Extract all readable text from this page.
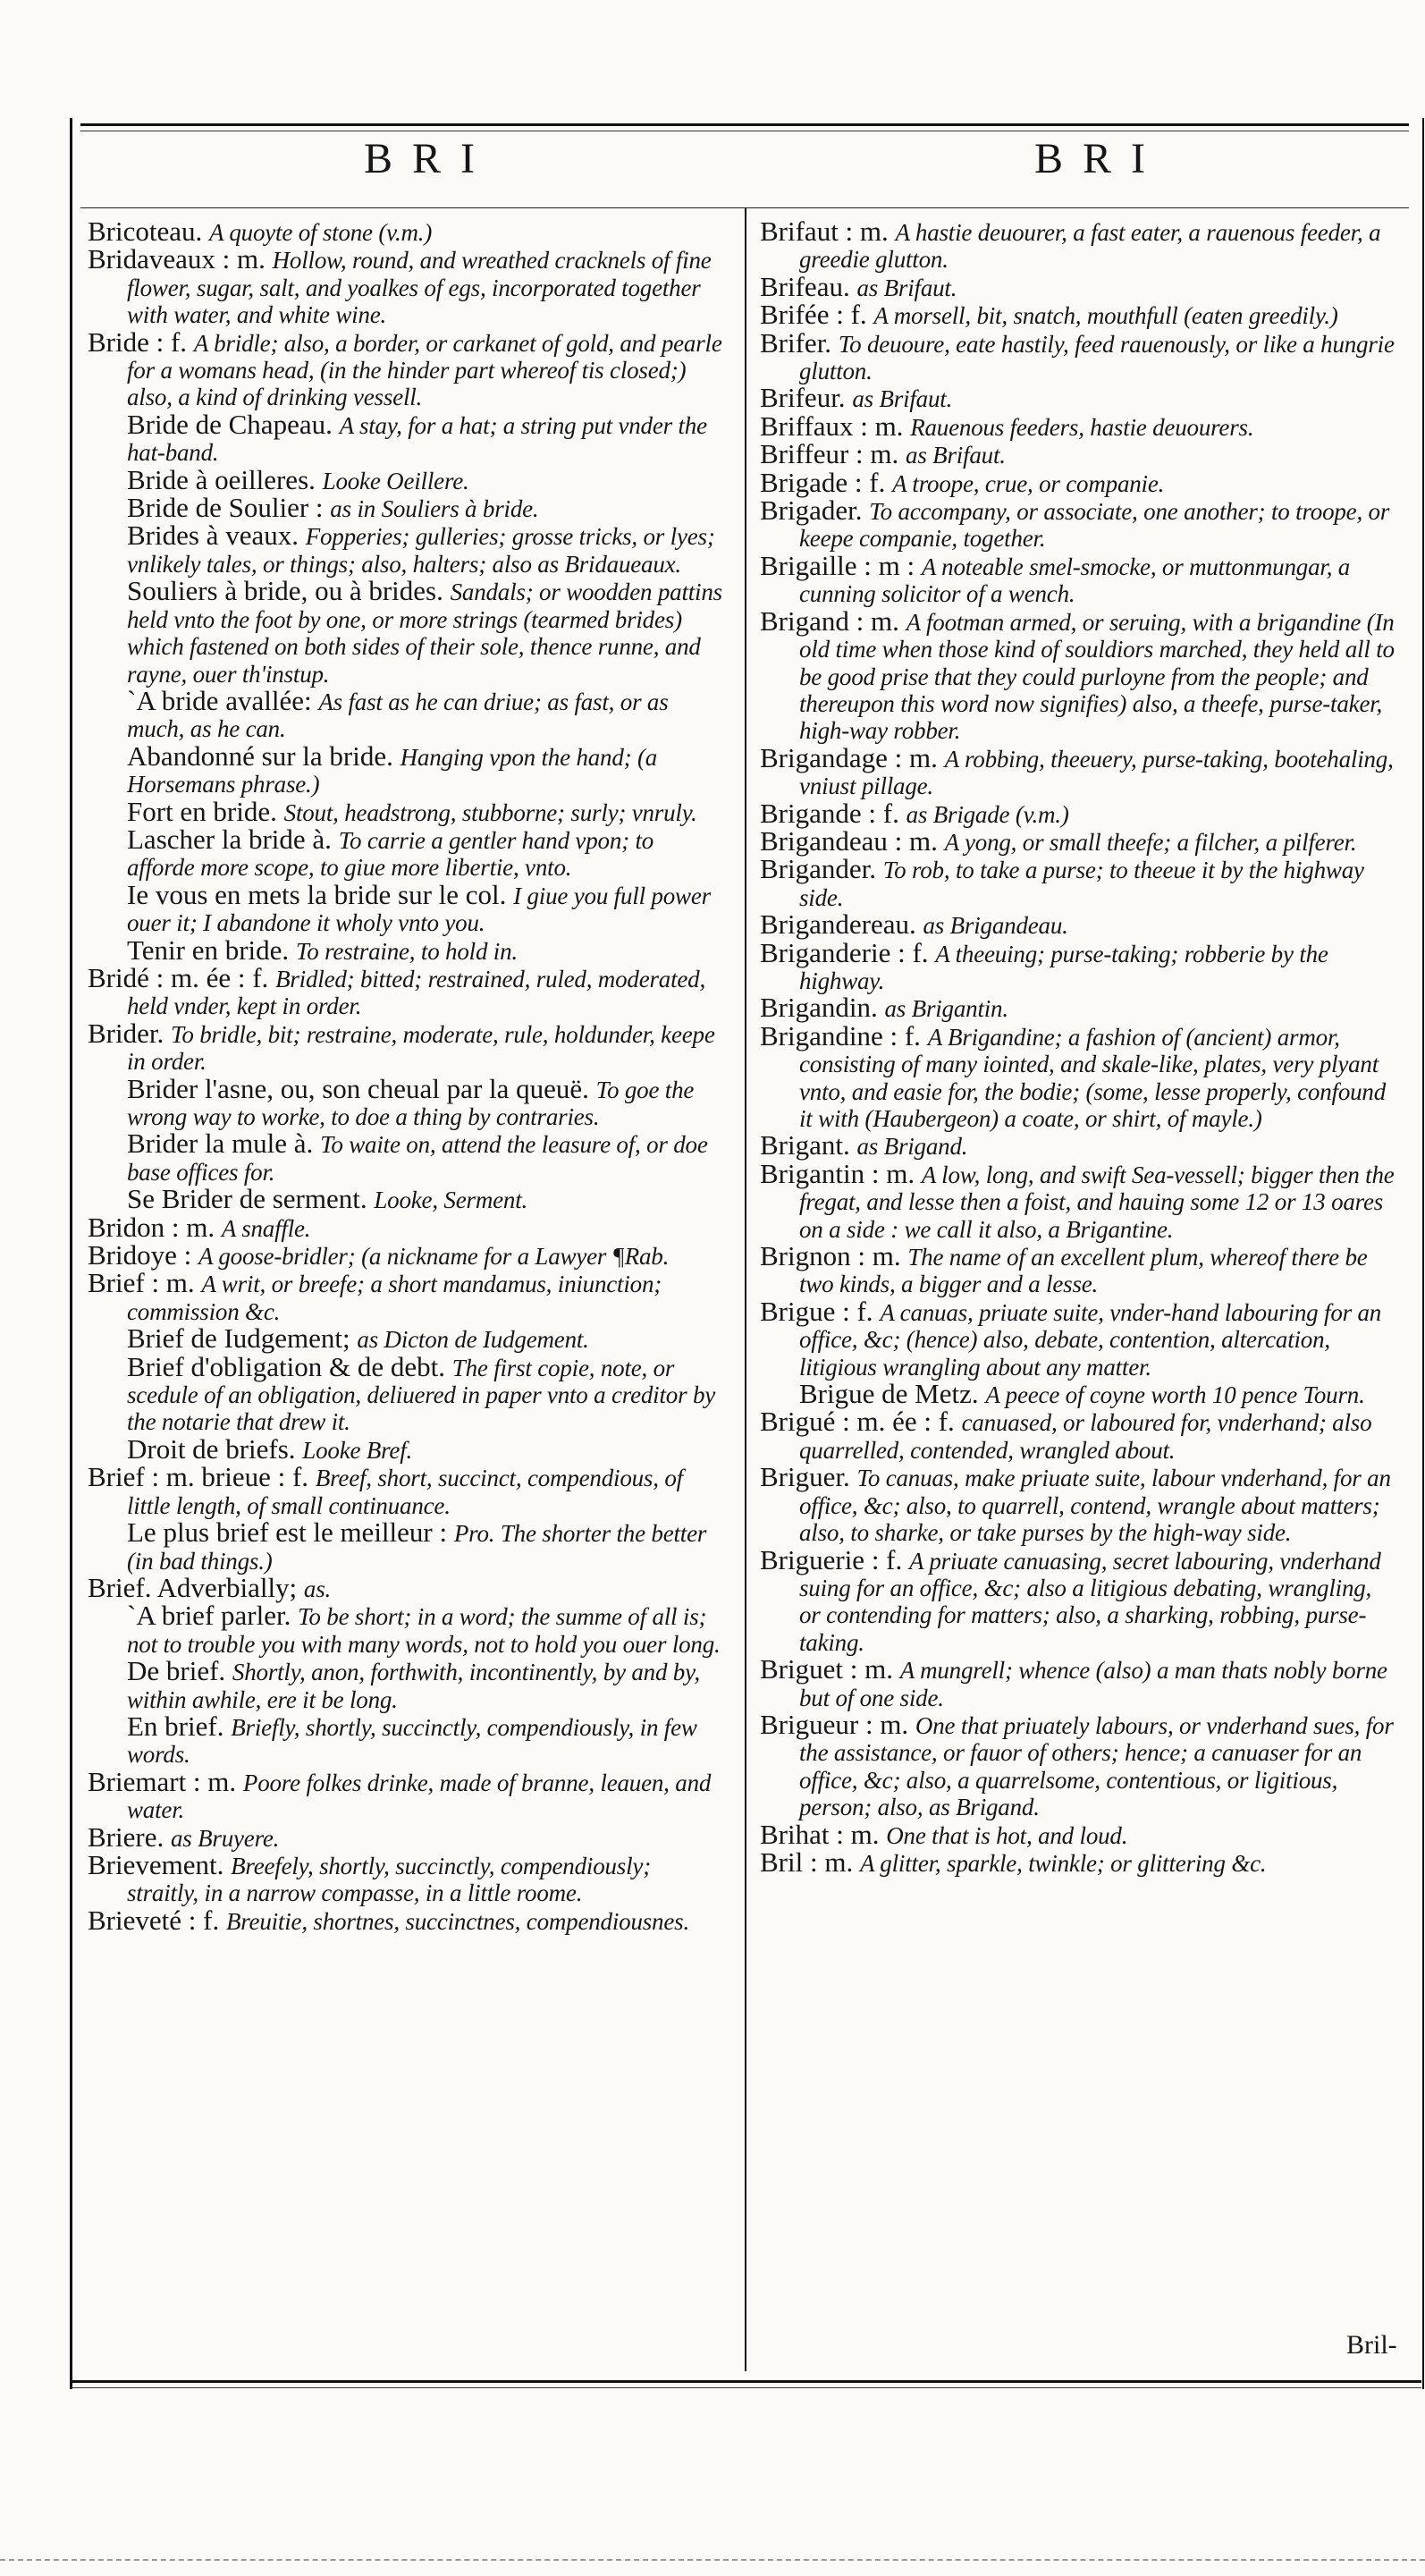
BRI	BRI
Bricoteau. A quoyte of stone (v.m.)
Bridaveaux : m. Hollow, round, and wreathed cracknels of fine flower, sugar, salt, and yoalkes of egs, incorporated together with water, and white wine.
Bride : f. A bridle; also, a border, or carkanet of gold, and pearle for a womans head, (in the hinder part whereof tis closed;) also, a kind of drinking vessell.
Bride de Chapeau. A stay, for a hat; a string put vnder the hat-band.
Bride à oeilleres. Looke Oeillere.
Bride de Soulier : as in Souliers à bride.
Brides à veaux. Fopperies; gulleries; grosse tricks, or lyes; vnlikely tales, or things; also, halters; also as Bridaueaux.
Souliers à bride, ou à brides. Sandals; or woodden pattins held vnto the foot by one, or more strings (tearmed brides) which fastened on both sides of their sole, thence runne, and rayne, ouer th'instup.
`A bride avallée: As fast as he can driue; as fast, or as much, as he can.
Abandonné sur la bride. Hanging vpon the hand; (a Horsemans phrase.)
Fort en bride. Stout, headstrong, stubborne; surly; vnruly.
Lascher la bride à. To carrie a gentler hand vpon; to afforde more scope, to giue more libertie, vnto.
Ie vous en mets la bride sur le col. I giue you full power ouer it; I abandone it wholy vnto you.
Tenir en bride. To restraine, to hold in.
Bridé : m. ée : f. Bridled; bitted; restrained, ruled, moderated, held vnder, kept in order.
Brider. To bridle, bit; restraine, moderate, rule, holdunder, keepe in order.
Brider l'asne, ou, son cheual par la queuë. To goe the wrong way to worke, to doe a thing by contraries.
Brider la mule à. To waite on, attend the leasure of, or doe base offices for.
Se Brider de serment. Looke, Serment.
Bridon : m. A snaffle.
Bridoye : A goose-bridler; (a nickname for a Lawyer ¶Rab.
Brief : m. A writ, or breefe; a short mandamus, iniunction; commission &c.
Brief de Iudgement; as Dicton de Iudgement.
Brief d'obligation & de debt. The first copie, note, or scedule of an obligation, deliuered in paper vnto a creditor by the notarie that drew it.
Droit de briefs. Looke Bref.
Brief : m. brieue : f. Breef, short, succinct, compendious, of little length, of small continuance.
Le plus brief est le meilleur : Pro. The shorter the better (in bad things.)
Brief. Adverbially; as.
`A brief parler. To be short; in a word; the summe of all is; not to trouble you with many words, not to hold you ouer long.
De brief. Shortly, anon, forthwith, incontinently, by and by, within awhile, ere it be long.
En brief. Briefly, shortly, succinctly, compendiously, in few words.
Briemart : m. Poore folkes drinke, made of branne, leauen, and water.
Briere. as Bruyere.
Brievement. Breefely, shortly, succinctly, compendiously; straitly, in a narrow compasse, in a little roome.
Brieveté : f. Breuitie, shortnes, succinctnes, compendiousnes.
Brifaut : m. A hastie deuourer, a fast eater, a rauenous feeder, a greedie glutton.
Brifeau. as Brifaut.
Brifée : f. A morsell, bit, snatch, mouthfull (eaten greedily.)
Brifer. To deuoure, eate hastily, feed rauenously, or like a hungrie glutton.
Brifeur. as Brifaut.
Briffaux : m. Rauenous feeders, hastie deuourers.
Briffeur : m. as Brifaut.
Brigade : f. A troope, crue, or companie.
Brigader. To accompany, or associate, one another; to troope, or keepe companie, together.
Brigaille : m : A noteable smel-smocke, or muttonmungar, a cunning solicitor of a wench.
Brigand : m. A footman armed, or seruing, with a brigandine (In old time when those kind of souldiors marched, they held all to be good prise that they could purloyne from the people; and thereupon this word now signifies) also, a theefe, purse-taker, high-way robber.
Brigandage : m. A robbing, theeuery, purse-taking, bootehaling, vniust pillage.
Brigande : f. as Brigade (v.m.)
Brigandeau : m. A yong, or small theefe; a filcher, a pilferer.
Brigander. To rob, to take a purse; to theeue it by the highway side.
Brigandereau. as Brigandeau.
Briganderie : f. A theeuing; purse-taking; robberie by the highway.
Brigandin. as Brigantin.
Brigandine : f. A Brigandine; a fashion of (ancient) armor, consisting of many iointed, and skale-like, plates, very plyant vnto, and easie for, the bodie; (some, lesse properly, confound it with (Haubergeon) a coate, or shirt, of mayle.)
Brigant. as Brigand.
Brigantin : m. A low, long, and swift Sea-vessell; bigger then the fregat, and lesse then a foist, and hauing some 12 or 13 oares on a side : we call it also, a Brigantine.
Brignon : m. The name of an excellent plum, whereof there be two kinds, a bigger and a lesse.
Brigue : f. A canuas, priuate suite, vnder-hand labouring for an office, &c; (hence) also, debate, contention, altercation, litigious wrangling about any matter.
Brigue de Metz. A peece of coyne worth 10 pence Tourn.
Brigué : m. ée : f. canuased, or laboured for, vnderhand; also quarrelled, contended, wrangled about.
Briguer. To canuas, make priuate suite, labour vnderhand, for an office, &c; also, to quarrell, contend, wrangle about matters; also, to sharke, or take purses by the high-way side.
Briguerie : f. A priuate canuasing, secret labouring, vnderhand suing for an office, &c; also a litigious debating, wrangling, or contending for matters; also, a sharking, robbing, purse-taking.
Briguet : m. A mungrell; whence (also) a man thats nobly borne but of one side.
Brigueur : m. One that priuately labours, or vnderhand sues, for the assistance, or fauor of others; hence; a canuaser for an office, &c; also, a quarrelsome, contentious, or ligitious, person; also, as Brigand.
Brihat : m. One that is hot, and loud.
Bril : m. A glitter, sparkle, twinkle; or glittering &c.
Bril-
